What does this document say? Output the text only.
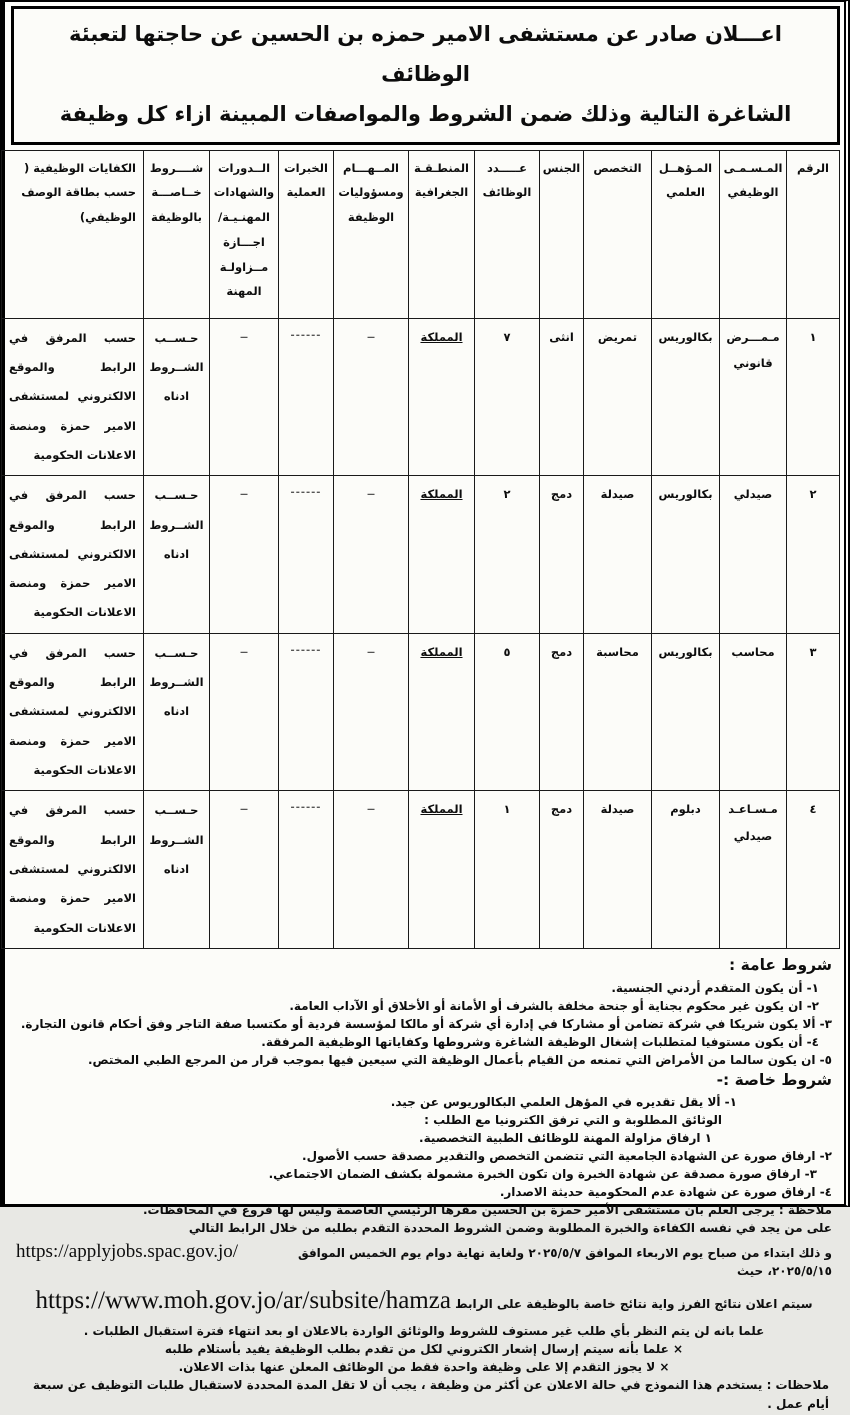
اعـــلان صادر عن مستشفى الامير حمزه بن الحسين عن حاجتها لتعبئة الوظائف
الشاغرة التالية وذلك ضمن الشروط والمواصفات المبينة ازاء كل وظيفة
الرقم	المـسـمـى الوظيفي	المـؤهــل العلمي	التخصص	الجنس	عـــــدد الوظائف	المنطـقـة الجغرافية	المــهـــام ومسؤوليات الوظيفة	الخبرات العملية	الــدورات والشهادات المهنـيـة/ اجـــازة مــزاولـة المهنة	شــــروط خــاصـــة بالوظيفة	الكفايات الوظيفية ( حسب بطاقة الوصف الوظيفي)
١	مـمـــرض قانوني	بكالوريس	تمريض	انثى	٧	المملكة	ــ	------	ــ	حـســب الشــروط ادناه	حسب المرفق في الرابط والموقع الالكتروني لمستشفى الامير حمزة ومنصة الاعلانات الحكومية
٢	صيدلي	بكالوريس	صيدلة	دمج	٢	المملكة	ــ	------	ــ	حـســب الشــروط ادناه	حسب المرفق في الرابط والموقع الالكتروني لمستشفى الامير حمزة ومنصة الاعلانات الحكومية
٣	محاسب	بكالوريس	محاسبة	دمج	٥	المملكة	ــ	------	ــ	حـســب الشــروط ادناه	حسب المرفق في الرابط والموقع الالكتروني لمستشفى الامير حمزة ومنصة الاعلانات الحكومية
٤	مـسـاعـد صيدلي	دبلوم	صيدلة	دمج	١	المملكة	ــ	------	ــ	حـســب الشــروط ادناه	حسب المرفق في الرابط والموقع الالكتروني لمستشفى الامير حمزة ومنصة الاعلانات الحكومية
شروط عامة :

١- أن يكون المتقدم أردني الجنسية.

٢- ان يكون غير محكوم بجناية أو جنحة مخلفة بالشرف أو الأمانة أو الأخلاق أو الآداب العامة.

٣- ألا يكون شريكا في شركة تضامن أو مشاركا في إدارة أي شركة أو مالكا لمؤسسة فردية أو مكتسبا صفة التاجر وفق أحكام قانون التجارة.

٤- أن يكون مستوفيا لمتطلبات إشغال الوظيفة الشاغرة وشروطها وكفاياتها الوظيفية المرفقة.

٥- ان يكون سالما من الأمراض التي تمنعه من القيام بأعمال الوظيفة التي سيعين فيها بموجب قرار من المرجع الطبي المختص.

شروط خاصة :-

١- ألا يقل تقديره في المؤهل العلمي البكالوريوس عن جيد.

الوثائق المطلوبة و التي ترفق الكترونيا مع الطلب :

١ ارفاق مزاولة المهنة للوظائف الطبية التخصصية.

٢- ارفاق صورة عن الشهادة الجامعية التي تتضمن التخصص والتقدير مصدقة حسب الأصول.

٣- ارفاق صورة مصدقة عن شهادة الخبرة وان تكون الخبرة مشمولة بكشف الضمان الاجتماعي.

٤- ارفاق صورة عن شهادة عدم المحكومية حديثة الاصدار.

ملاحظة : يرجى العلم بان مستشفى الأمير حمزة بن الحسين مقرها الرئيسي العاصمة وليس لها فروع في المحافظات.

على من يجد في نفسه الكفاءة والخبرة المطلوبة وضمن الشروط المحددة التقدم بطلبه من خلال الرابط التالي

و ذلك ابتداء من صباح يوم الاربعاء الموافق ٢٠٢٥/٥/٧ ولغاية نهاية دوام يوم الخميس الموافق ٢٠٢٥/٥/١٥، حيث
https://applyjobs.spac.gov.jo/

سيتم اعلان نتائج الفرز واية نتائج خاصة بالوظيفة على الرابط https://www.moh.gov.jo/ar/subsite/hamza

علما بانه لن يتم النظر بأي طلب غير مستوف للشروط والوثائق الواردة بالاعلان او بعد انتهاء فترة استقبال الطلبات .

× علما بأنه سيتم إرسال إشعار الكتروني لكل من تقدم بطلب الوظيفة يفيد بأستلام طلبه

× لا يجوز التقدم إلا على وظيفة واحدة فقط من الوظائف المعلن عنها بذات الاعلان.

ملاحظات : يستخدم هذا النموذج في حالة الاعلان عن أكثر من وظيفة ، يجب أن لا تقل المدة المحددة لاستقبال طلبات التوظيف عن سبعة أيام عمل .
